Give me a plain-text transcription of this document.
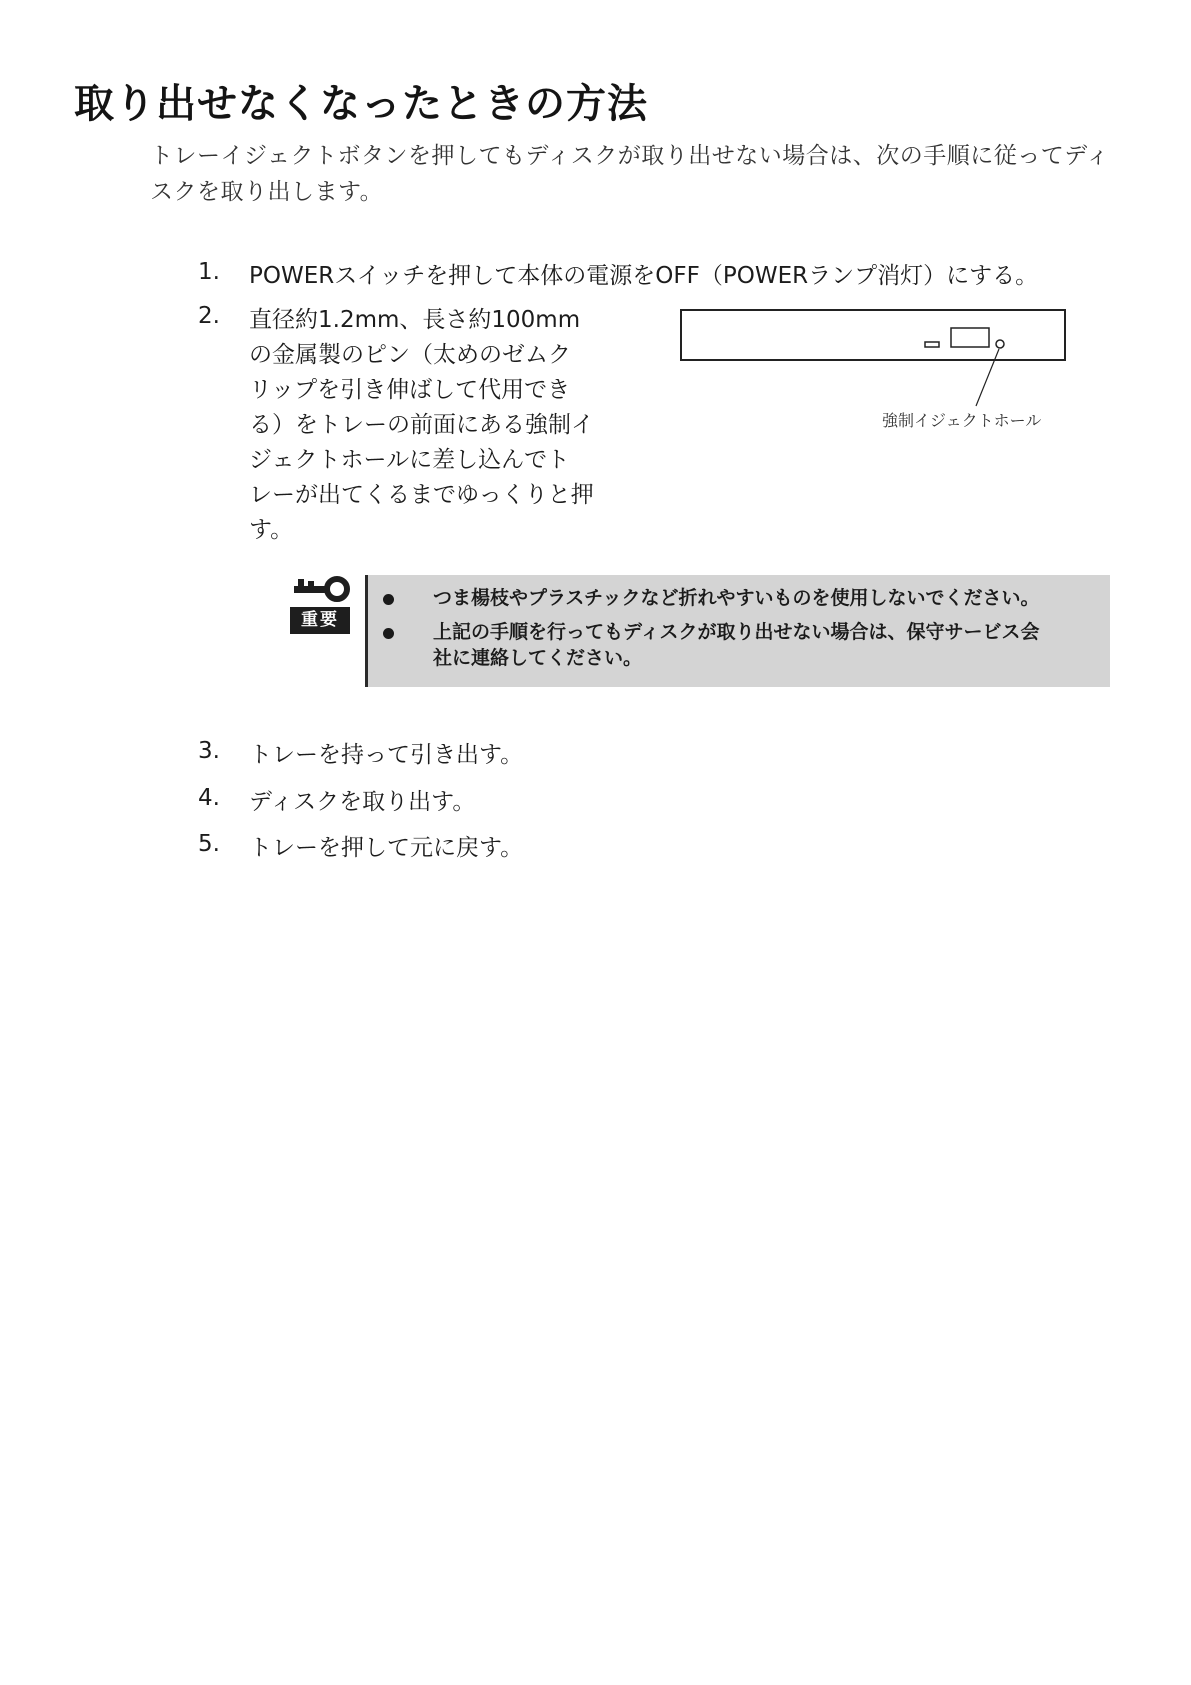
取り出せなくなったときの方法

トレーイジェクトボタンを押してもディスクが取り出せない場合は、次の手順に従ってディスクを取り出します。

1. POWERスイッチを押して本体の電源をOFF（POWERランプ消灯）にする。
2. 直径約1.2mm、長さ約100mm
の金属製のピン（太めのゼムク
リップを引き伸ばして代用でき
る）をトレーの前面にある強制イ
ジェクトホールに差し込んでト
レーが出てくるまでゆっくりと押
す。
強制イジェクトホール
重要
つま楊枝やプラスチックなど折れやすいものを使用しないでください。
上記の手順を行ってもディスクが取り出せない場合は、保守サービス会
社に連絡してください。
3. トレーを持って引き出す。
4. ディスクを取り出す。
5. トレーを押して元に戻す。
